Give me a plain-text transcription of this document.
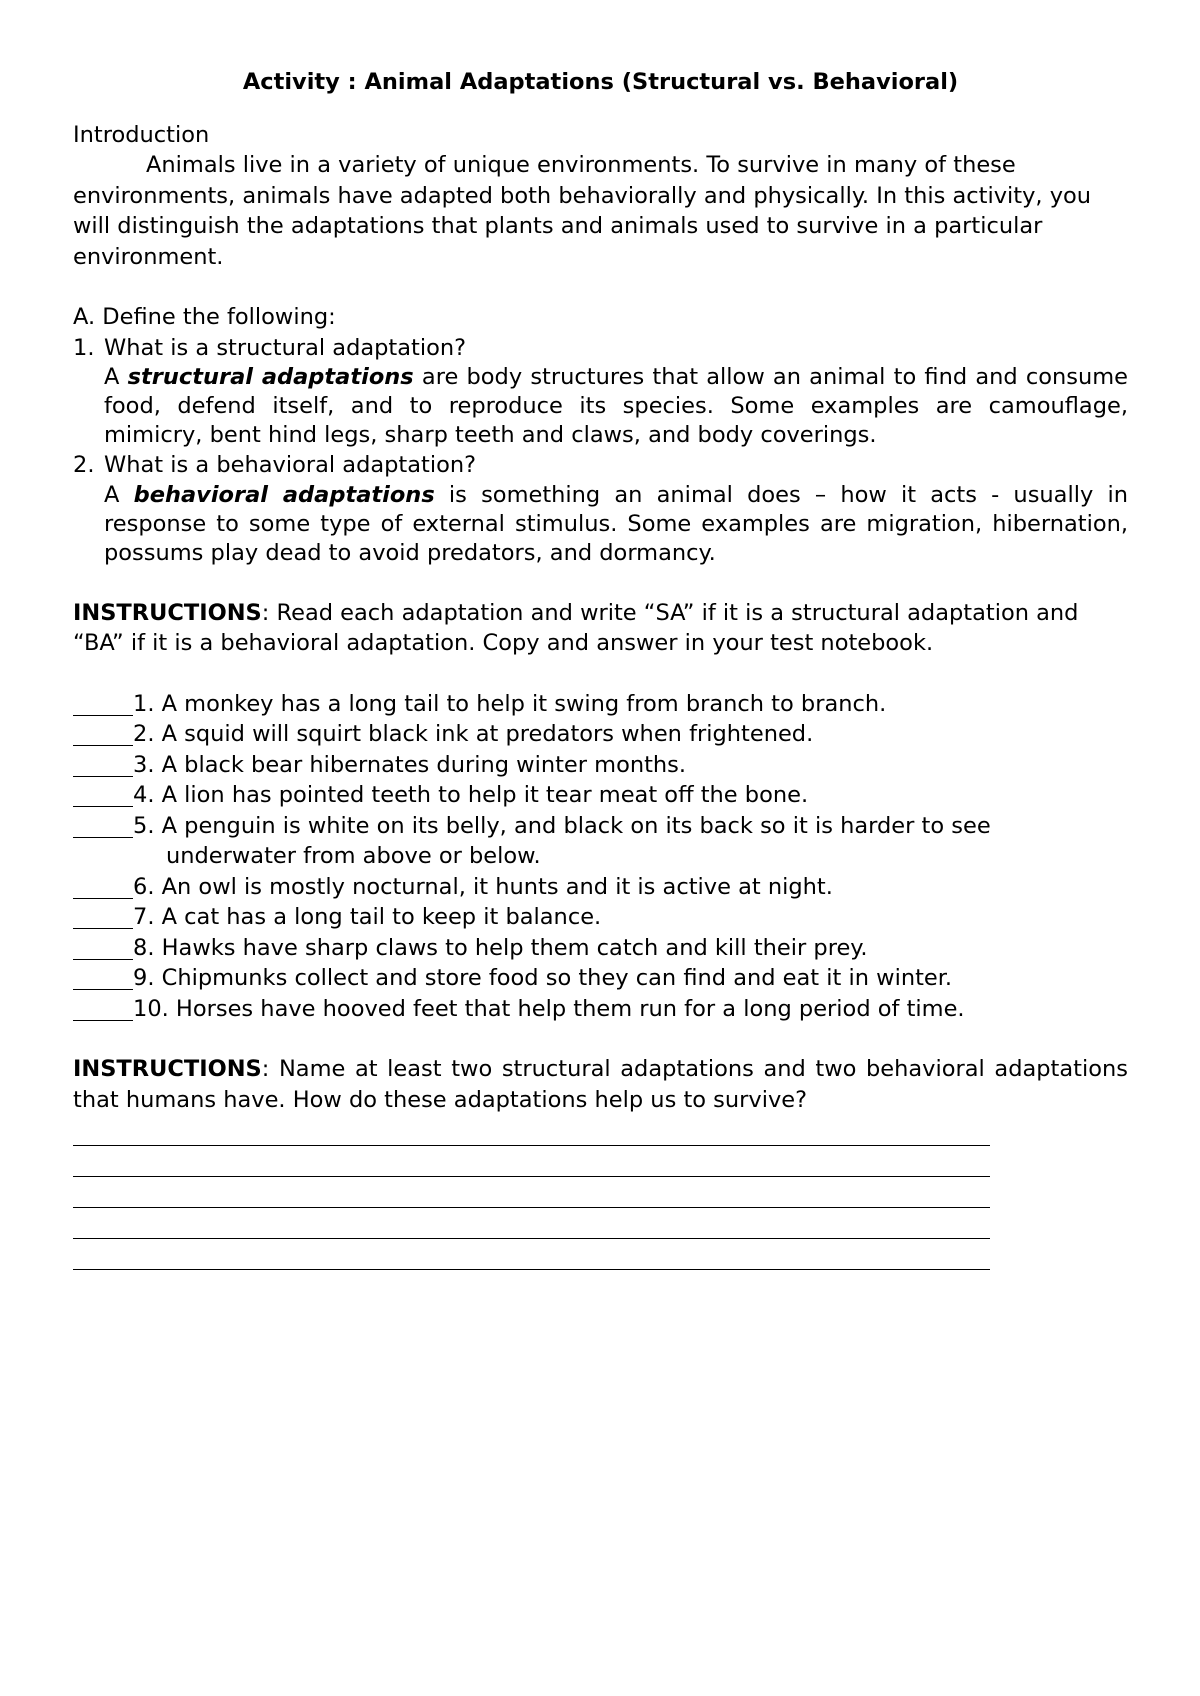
Activity : Animal Adaptations (Structural vs. Behavioral)

Introduction

Animals live in a variety of unique environments. To survive in many of these environments, animals have adapted both behaviorally and physically. In this activity, you will distinguish the adaptations that plants and animals used to survive in a particular environment.

A. Define the following:

1. What is a structural adaptation?

A structural adaptations are body structures that allow an animal to find and consume food, defend itself, and to reproduce its species. Some examples are camouflage, mimicry, bent hind legs, sharp teeth and claws, and body coverings.

2. What is a behavioral adaptation?

A behavioral adaptations is something an animal does – how it acts - usually in response to some type of external stimulus. Some examples are migration, hibernation, possums play dead to avoid predators, and dormancy.

INSTRUCTIONS: Read each adaptation and write “SA” if it is a structural adaptation and “BA” if it is a behavioral adaptation. Copy and answer in your test notebook.

1. A monkey has a long tail to help it swing from branch to branch.
2. A squid will squirt black ink at predators when frightened.
3. A black bear hibernates during winter months.
4. A lion has pointed teeth to help it tear meat off the bone.
5. A penguin is white on its belly, and black on its back so it is harder to see
underwater from above or below.
6. An owl is mostly nocturnal, it hunts and it is active at night.
7. A cat has a long tail to keep it balance.
8. Hawks have sharp claws to help them catch and kill their prey.
9. Chipmunks collect and store food so they can find and eat it in winter.
10. Horses have hooved feet that help them run for a long period of time.

INSTRUCTIONS: Name at least two structural adaptations and two behavioral adaptations that humans have. How do these adaptations help us to survive?
